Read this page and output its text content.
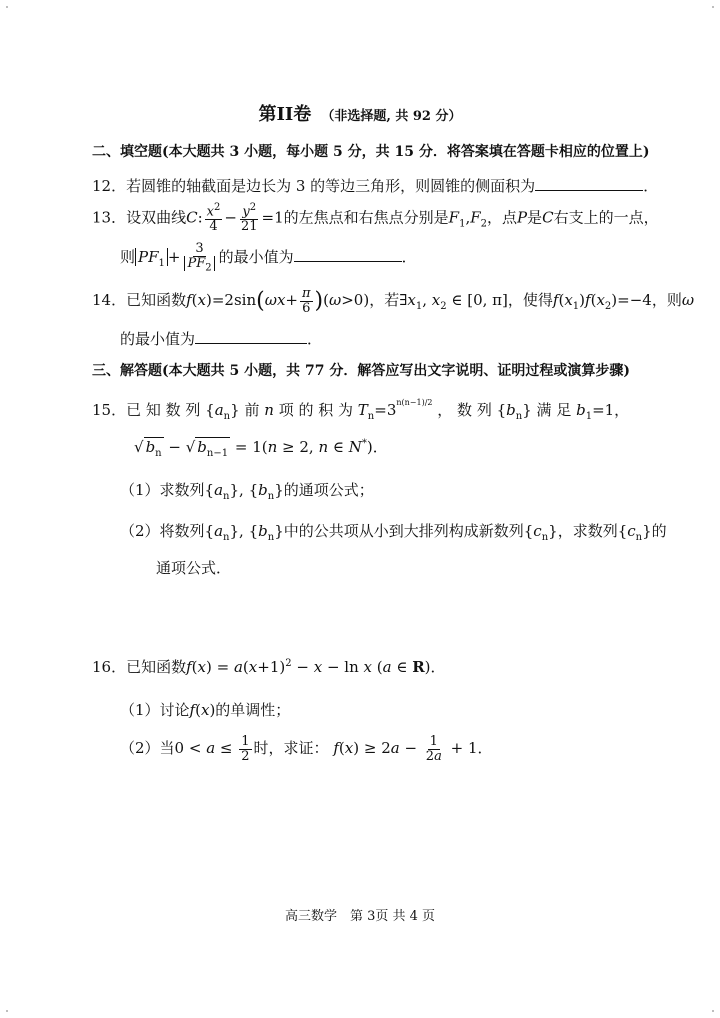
第II卷 （非选择题, 共 92 分）
二、填空题(本大题共 3 小题，每小题 5 分，共 15 分．将答案填在答题卡相应的位置上)
12．若圆锥的轴截面是边长为 3 的等边三角形，则圆锥的侧面积为	．
13．设双曲线C: $\frac{x^2}{4} - \frac{y^2}{21} =1$的左焦点和右焦点分别是$F_1,F_2$，点P是C右支上的一点，
则 $PF_1 + \frac{3}{PF_2}$ 的最小值为	．
14．已知函数$f(x)=2\sin(\omega x+ \frac{\pi}{6} )(\omega>0)$，若$\exists x_1$, $x_2$ ∈ [0, π]，使得$f(x_1)f(x_2)=-4$，则ω
的最小值为	．
三、解答题(本大题共 5 小题，共 77 分．解答应写出文字说明、证明过程或演算步骤)
15．已 知 数 列 $\{a_n\}$ 前 n 项 的 积 为 $T_n=3^{n(n-1)/2}$ ， 数 列 $\{b_n\}$ 满 足 $b_1=1$，
√ $b_n$ − √ $b_{n-1} = 1(n \ge 2$, n ∈ N*)．
（1）求数列$\{a_n\}$, $\{b_n\}$的通项公式；
（2）将数列$\{a_n\}$, $\{b_n\}$中的公共项从小到大排列构成新数列$\{c_n\}$，求数列$\{c_n\}$的
通项公式．
16．已知函数$f(x) = a(x+1)^2 - x - \ln x$ (a ∈ R)．
（1）讨论f(x)的单调性；
（2）当$0 < a \le \frac{1}{2}$ 时，求证： $f(x) \ge 2a - \frac{1}{2a} + 1$．
高三数学　第 3页 共 4 页
